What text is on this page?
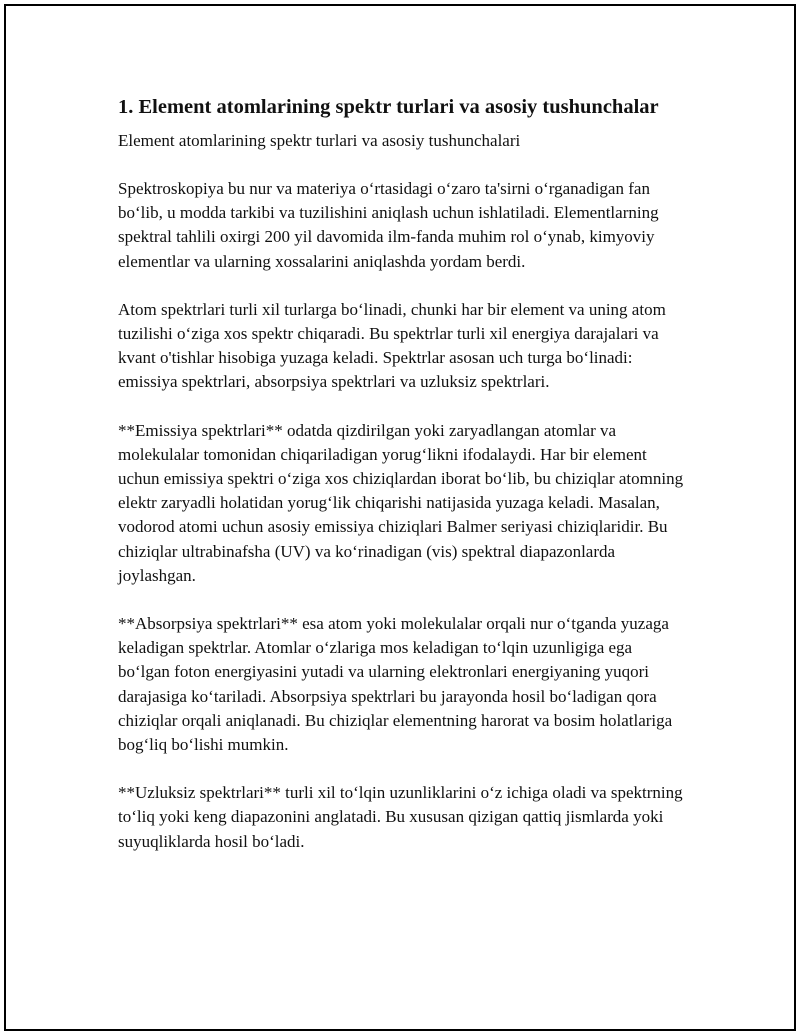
1. Element atomlarining spektr turlari va asosiy tushunchalar

Element atomlarining spektr turlari va asosiy tushunchalari

Spektroskopiya bu nur va materiya o‘rtasidagi o‘zaro ta'sirni o‘rganadigan fan bo‘lib, u modda tarkibi va tuzilishini aniqlash uchun ishlatiladi. Elementlarning spektral tahlili oxirgi 200 yil davomida ilm-fanda muhim rol o‘ynab, kimyoviy elementlar va ularning xossalarini aniqlashda yordam berdi.

Atom spektrlari turli xil turlarga bo‘linadi, chunki har bir element va uning atom tuzilishi o‘ziga xos spektr chiqaradi. Bu spektrlar turli xil energiya darajalari va kvant o'tishlar hisobiga yuzaga keladi. Spektrlar asosan uch turga bo‘linadi: emissiya spektrlari, absorpsiya spektrlari va uzluksiz spektrlari.

**Emissiya spektrlari** odatda qizdirilgan yoki zaryadlangan atomlar va molekulalar tomonidan chiqariladigan yorug‘likni ifodalaydi. Har bir element uchun emissiya spektri o‘ziga xos chiziqlardan iborat bo‘lib, bu chiziqlar atomning elektr zaryadli holatidan yorug‘lik chiqarishi natijasida yuzaga keladi. Masalan, vodorod atomi uchun asosiy emissiya chiziqlari Balmer seriyasi chiziqlaridir. Bu chiziqlar ultrabinafsha (UV) va ko‘rinadigan (vis) spektral diapazonlarda joylashgan.

**Absorpsiya spektrlari** esa atom yoki molekulalar orqali nur o‘tganda yuzaga keladigan spektrlar. Atomlar o‘zlariga mos keladigan to‘lqin uzunligiga ega bo‘lgan foton energiyasini yutadi va ularning elektronlari energiyaning yuqori darajasiga ko‘tariladi. Absorpsiya spektrlari bu jarayonda hosil bo‘ladigan qora chiziqlar orqali aniqlanadi. Bu chiziqlar elementning harorat va bosim holatlariga bog‘liq bo‘lishi mumkin.

**Uzluksiz spektrlari** turli xil to‘lqin uzunliklarini o‘z ichiga oladi va spektrning to‘liq yoki keng diapazonini anglatadi. Bu xususan qizigan qattiq jismlarda yoki suyuqliklarda hosil bo‘ladi.
